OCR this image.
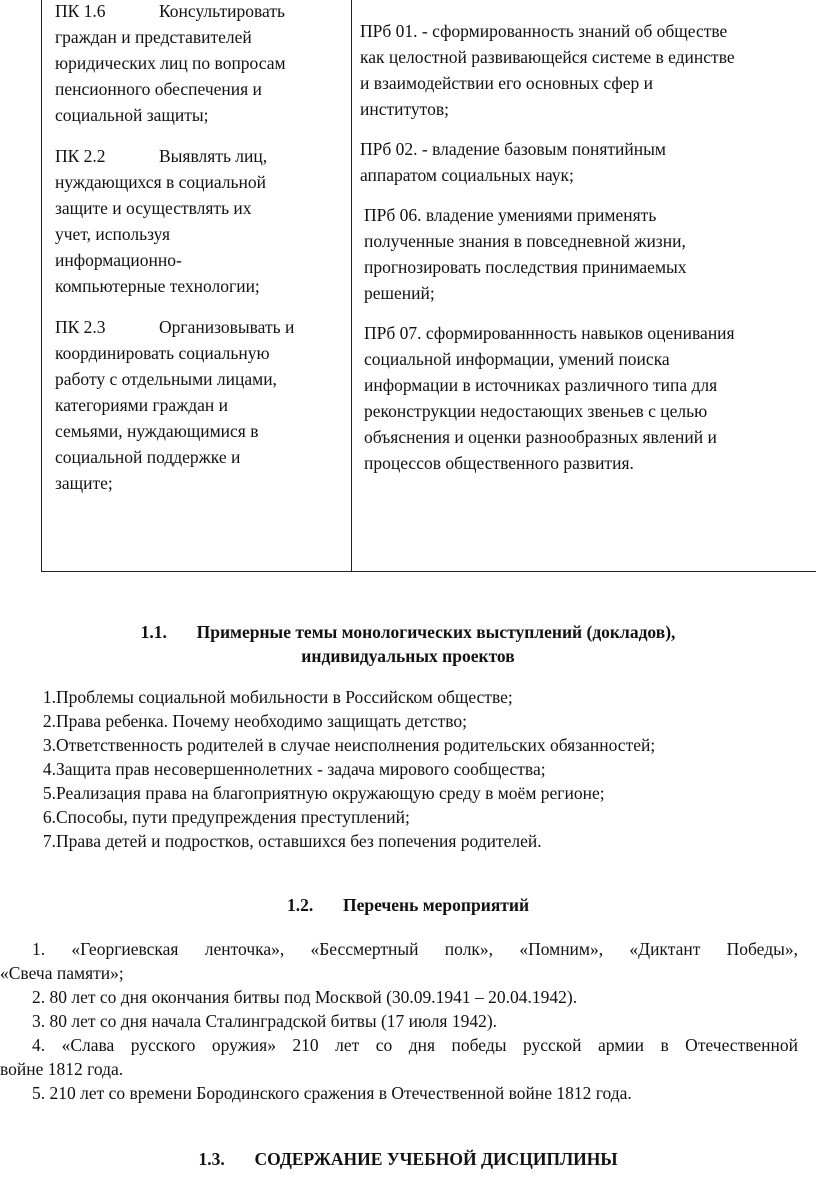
ПК 1.6	Консультировать
граждан и представителей
юридических лиц по вопросам
пенсионного обеспечения и
социальной защиты;
ПК 2.2	Выявлять лиц,
нуждающихся в социальной
защите и осуществлять их
учет, используя
информационно-
компьютерные технологии;
ПК 2.3	Организовывать и
координировать социальную
работу с отдельными лицами,
категориями граждан и
семьями, нуждающимися в
социальной поддержке и
защите;
ПРб 01. - сформированность знаний об обществе
как целостной развивающейся системе в единстве
и взаимодействии его основных сфер и
институтов;
ПРб 02. - владение базовым понятийным
аппаратом социальных наук;
ПРб 06. владение умениями применять
полученные знания в повседневной жизни,
прогнозировать последствия принимаемых
решений;
ПРб 07. сформированнность навыков оценивания
социальной информации, умений поиска
информации в источниках различного типа для
реконструкции недостающих звеньев с целью
объяснения и оценки разнообразных явлений и
процессов общественного развития.
1.1. Примерные темы монологических выступлений (докладов),
индивидуальных проектов
1.Проблемы социальной мобильности в Российском обществе;
2.Права ребенка. Почему необходимо защищать детство;
3.Ответственность родителей в случае неисполнения родительских обязанностей;
4.Защита прав несовершеннолетних - задача мирового сообщества;
5.Реализация права на благоприятную окружающую среду в моём регионе;
6.Способы, пути предупреждения преступлений;
7.Права детей и подростков, оставшихся без попечения родителей.
1.2. Перечень мероприятий
1. «Георгиевская ленточка», «Бессмертный полк», «Помним», «Диктант Победы»,
«Свеча памяти»;
2. 80 лет со дня окончания битвы под Москвой (30.09.1941 – 20.04.1942).
3. 80 лет со дня начала Сталинградской битвы (17 июля 1942).
4. «Слава русского оружия» 210 лет со дня победы русской армии в Отечественной
войне 1812 года.
5. 210 лет со времени Бородинского сражения в Отечественной войне 1812 года.
1.3. СОДЕРЖАНИЕ УЧЕБНОЙ ДИСЦИПЛИНЫ
